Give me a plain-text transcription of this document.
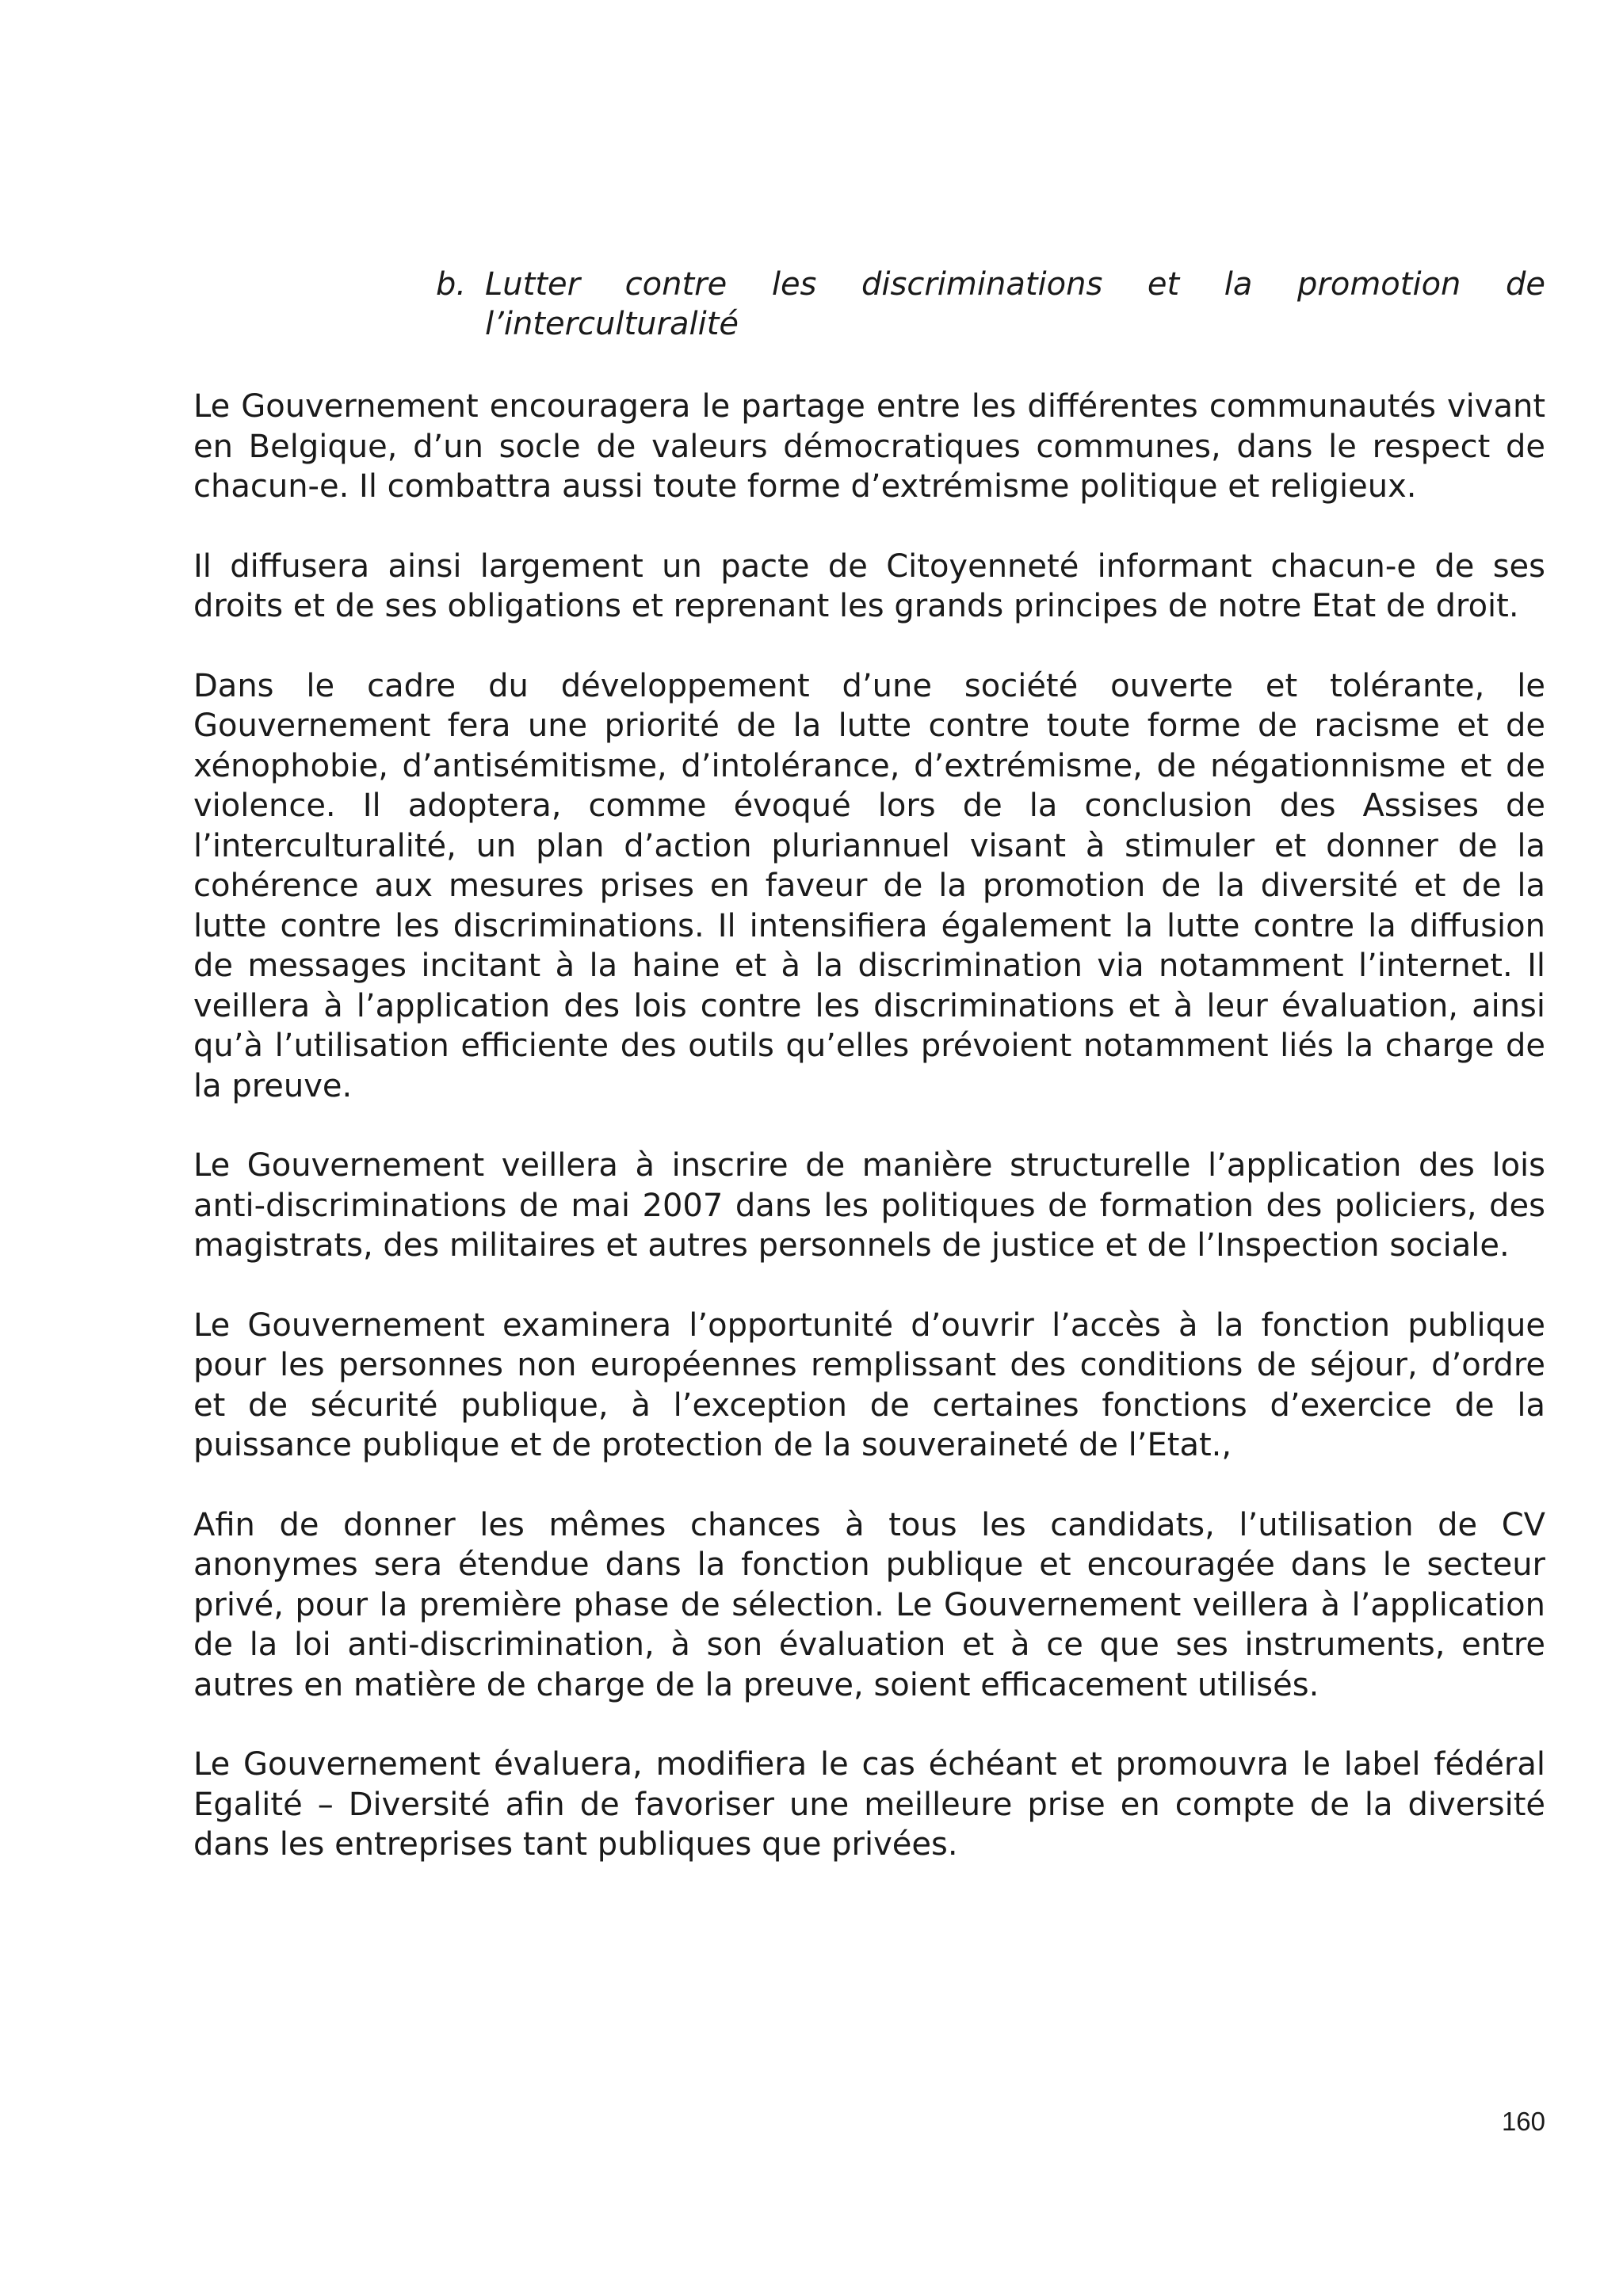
b. Lutter contre les discriminations et la promotion de l’interculturalité

Le Gouvernement encouragera le partage entre les différentes communautés vivant en Belgique, d’un socle de valeurs démocratiques communes, dans le respect de chacun-e. Il combattra aussi toute forme d’extrémisme politique et religieux.

Il diffusera ainsi largement un pacte de Citoyenneté informant chacun-e de ses droits et de ses obligations et reprenant les grands principes de notre Etat de droit.

Dans le cadre du développement d’une société ouverte et tolérante, le Gouvernement fera une priorité de la lutte contre toute forme de racisme et de xénophobie, d’antisémitisme, d’intolérance, d’extrémisme, de négationnisme et de violence. Il adoptera, comme évoqué lors de la conclusion des Assises de l’interculturalité, un plan d’action pluriannuel visant à stimuler et donner de la cohérence aux mesures prises en faveur de la promotion de la diversité et de la lutte contre les discriminations. Il intensifiera également la lutte contre la diffusion de messages incitant à la haine et à la discrimination via notamment l’internet. Il veillera à l’application des lois contre les discriminations et à leur évaluation, ainsi qu’à l’utilisation efficiente des outils qu’elles prévoient notamment liés la charge de la preuve.

Le Gouvernement veillera à inscrire de manière structurelle l’application des lois anti-discriminations de mai 2007 dans les politiques de formation des policiers, des magistrats, des militaires et autres personnels de justice et de l’Inspection sociale.

Le Gouvernement examinera l’opportunité d’ouvrir l’accès à la fonction publique pour les personnes non européennes remplissant des conditions de séjour, d’ordre et de sécurité publique, à l’exception de certaines fonctions d’exercice de la puissance publique et de protection de la souveraineté de l’Etat.,

Afin de donner les mêmes chances à tous les candidats, l’utilisation de CV anonymes sera étendue dans la fonction publique et encouragée dans le secteur privé, pour la première phase de sélection. Le Gouvernement veillera à l’application de la loi anti-discrimination, à son évaluation et à ce que ses instruments, entre autres en matière de charge de la preuve, soient efficacement utilisés.

Le Gouvernement évaluera, modifiera le cas échéant et promouvra le label fédéral Egalité – Diversité afin de favoriser une meilleure prise en compte de la diversité dans les entreprises tant publiques que privées.

160
